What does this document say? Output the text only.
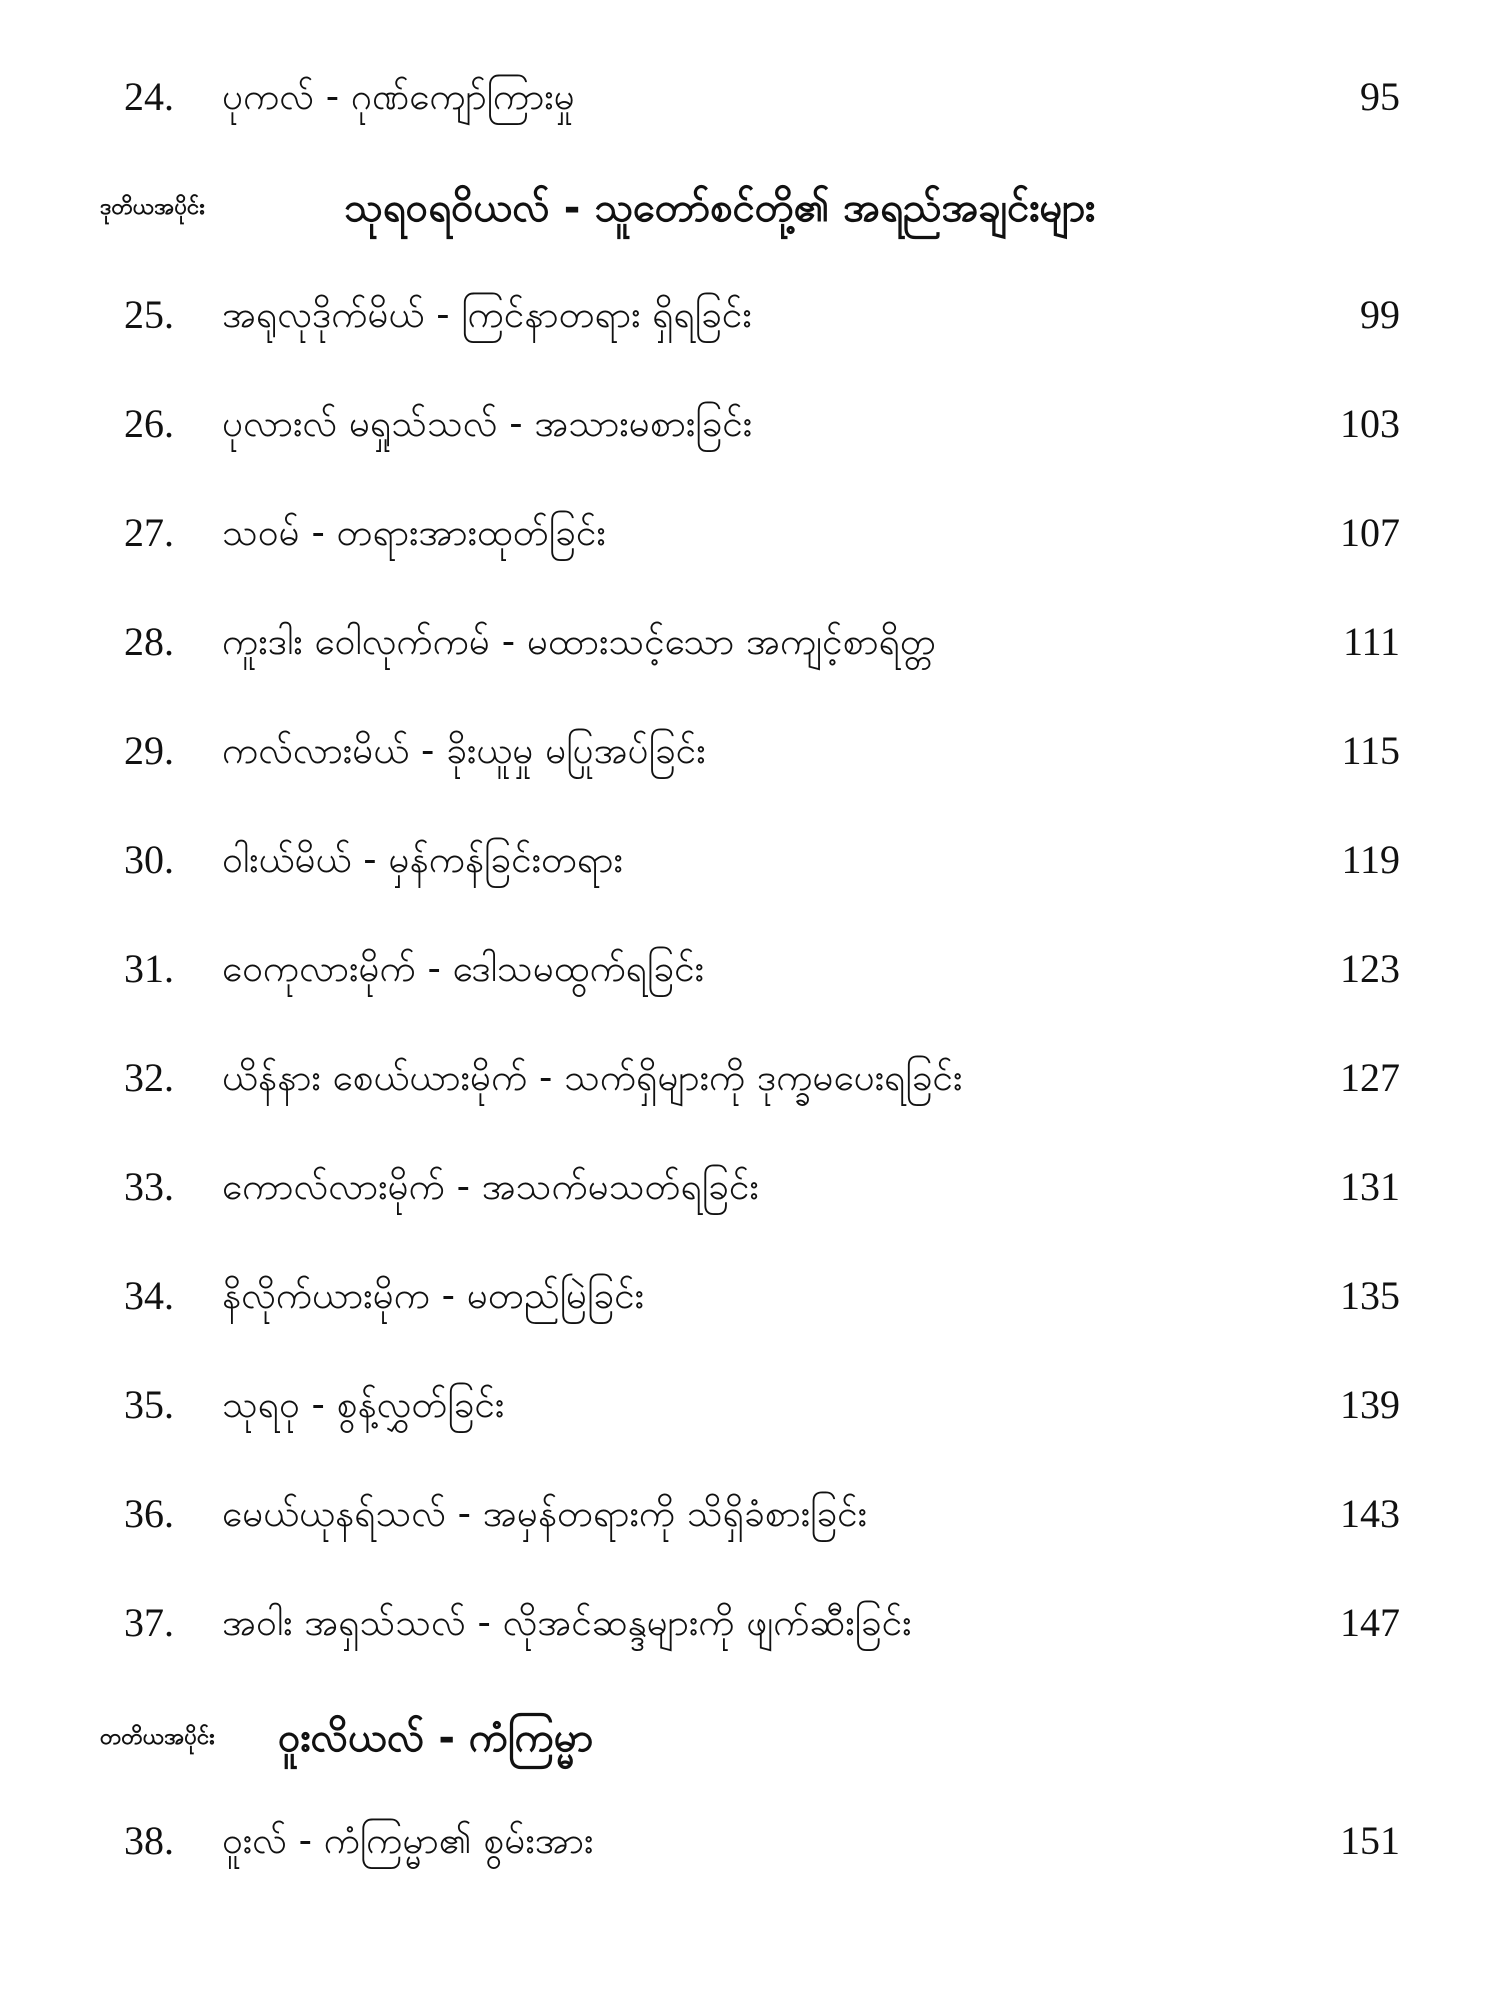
24.	ပုကလ် - ဂုဏ်ကျော်ကြားမှု	95
ဒုတိယအပိုင်း	သုရဝရဝိယလ် - သူတော်စင်တို့၏ အရည်အချင်းများ
25.	အရုလုဒိုက်မိယ် - ကြင်နာတရား ရှိရခြင်း	99
26.	ပုလားလ် မရှုသ်သလ် - အသားမစားခြင်း	103
27.	သဝမ် - တရားအားထုတ်ခြင်း	107
28.	ကူးဒါး ဝေါလုက်ကမ် - မထားသင့်သော အကျင့်စာရိတ္တ	111
29.	ကလ်လားမိယ် - ခိုးယူမှု မပြုအပ်ခြင်း	115
30.	ဝါးယ်မိယ် - မှန်ကန်ခြင်းတရား	119
31.	ဝေကုလားမိုက် - ဒေါသမထွက်ရခြင်း	123
32.	ယိန်နား စေယ်ယားမိုက် - သက်ရှိများကို ဒုက္ခမပေးရခြင်း	127
33.	ကောလ်လားမိုက် - အသက်မသတ်ရခြင်း	131
34.	နိလိုက်ယားမိုက - မတည်မြဲခြင်း	135
35.	သုရဝု - စွန့်လွှတ်ခြင်း	139
36.	မေယ်ယုနရ်သလ် - အမှန်တရားကို သိရှိခံစားခြင်း	143
37.	အဝါး အရှသ်သလ် - လိုအင်ဆန္ဒများကို ဖျက်ဆီးခြင်း	147
တတိယအပိုင်း ဝူးလိယလ် - ကံကြမ္မာ
38.	ဝူးလ် - ကံကြမ္မာ၏ စွမ်းအား	151
